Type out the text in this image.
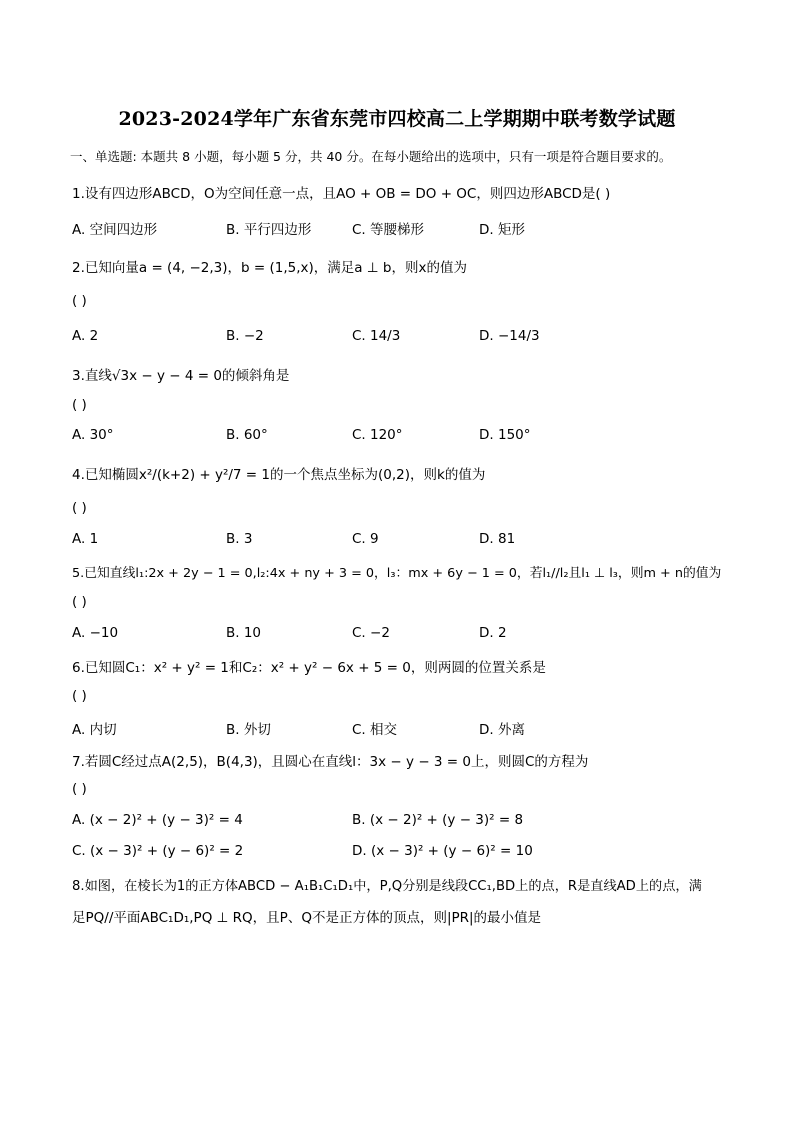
2023-2024学年广东省东莞市四校高二上学期期中联考数学试题
一、单选题: 本题共 8 小题，每小题 5 分，共 40 分。在每小题给出的选项中，只有一项是符合题目要求的。
1.设有四边形ABCD，O为空间任意一点，且AO + OB = DO + OC，则四边形ABCD是( )
A. 空间四边形	B. 平行四边形	C. 等腰梯形	D. 矩形
2.已知向量a = (4, −2,3)，b = (1,5,x)，满足a ⊥ b，则x的值为
( )
A. 2	B. −2	C. 14/3	D. −14/3
3.直线√3x − y − 4 = 0的倾斜角是
( )
A. 30°	B. 60°	C. 120°	D. 150°
4.已知椭圆x²/(k+2) + y²/7 = 1的一个焦点坐标为(0,2)，则k的值为
( )
A. 1	B. 3	C. 9	D. 81
5.已知直线l₁:2x + 2y − 1 = 0,l₂:4x + ny + 3 = 0，l₃：mx + 6y − 1 = 0，若l₁//l₂且l₁ ⊥ l₃，则m + n的值为
( )
A. −10	B. 10	C. −2	D. 2
6.已知圆C₁：x² + y² = 1和C₂：x² + y² − 6x + 5 = 0，则两圆的位置关系是
( )
A. 内切	B. 外切	C. 相交	D. 外离
7.若圆C经过点A(2,5)，B(4,3)，且圆心在直线l：3x − y − 3 = 0上，则圆C的方程为
( )
A. (x − 2)² + (y − 3)² = 4	B. (x − 2)² + (y − 3)² = 8
C. (x − 3)² + (y − 6)² = 2	D. (x − 3)² + (y − 6)² = 10
8.如图，在棱长为1的正方体ABCD − A₁B₁C₁D₁中，P,Q分别是线段CC₁,BD上的点，R是直线AD上的点，满
足PQ//平面ABC₁D₁,PQ ⊥ RQ，且P、Q不是正方体的顶点，则|PR|的最小值是
